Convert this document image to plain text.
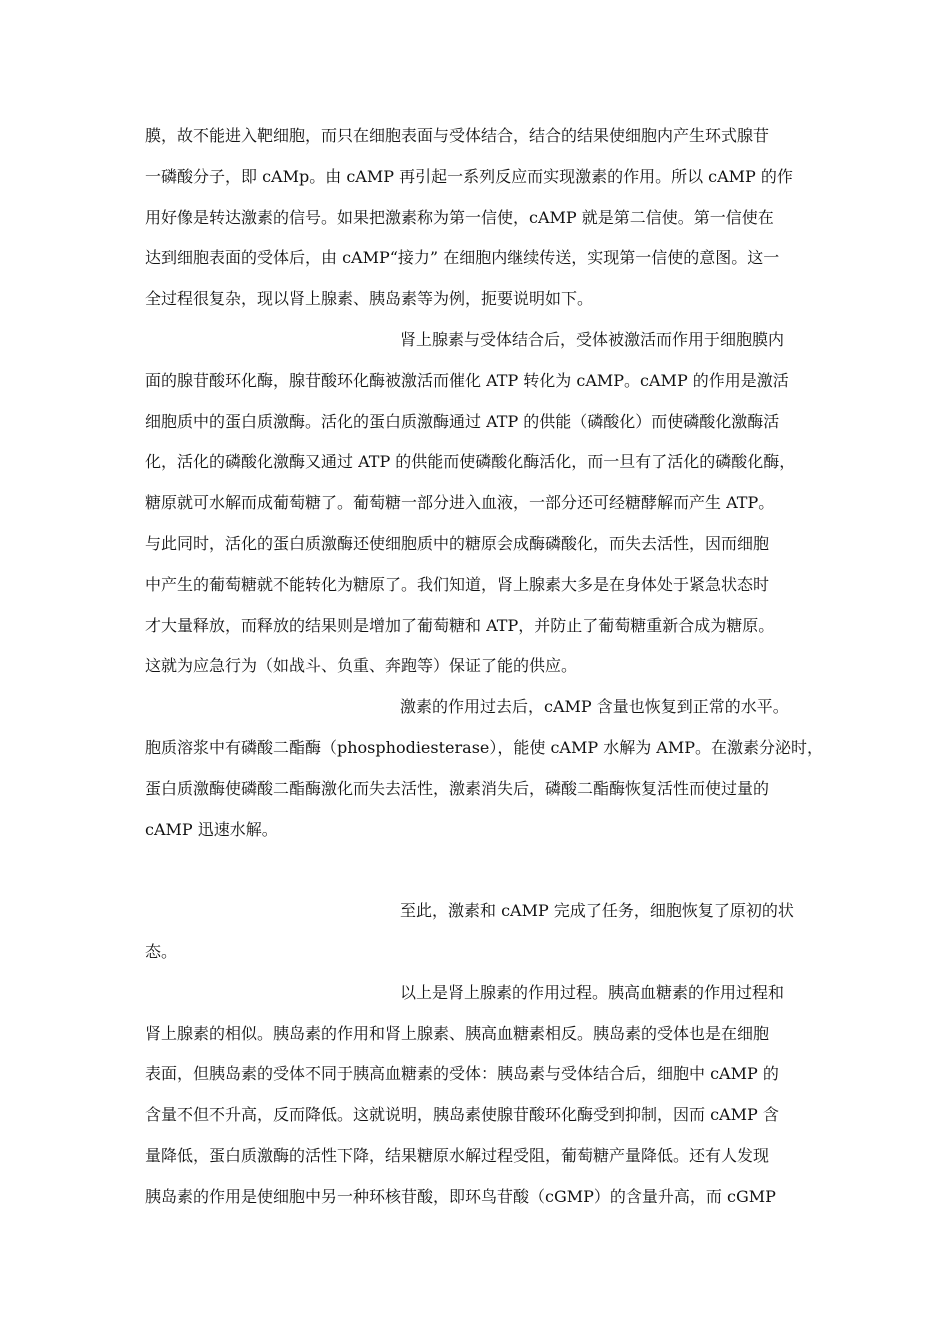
膜，故不能进入靶细胞，而只在细胞表面与受体结合，结合的结果使细胞内产生环式腺苷
一磷酸分子，即 cAMp。由 cAMP 再引起一系列反应而实现激素的作用。所以 cAMP 的作
用好像是转达激素的信号。如果把激素称为第一信使，cAMP 就是第二信使。第一信使在
达到细胞表面的受体后，由 cAMP“接力” 在细胞内继续传送，实现第一信使的意图。这一
全过程很复杂，现以肾上腺素、胰岛素等为例，扼要说明如下。
肾上腺素与受体结合后，受体被激活而作用于细胞膜内
面的腺苷酸环化酶，腺苷酸环化酶被激活而催化 ATP 转化为 cAMP。cAMP 的作用是激活
细胞质中的蛋白质激酶。活化的蛋白质激酶通过 ATP 的供能（磷酸化）而使磷酸化激酶活
化，活化的磷酸化激酶又通过 ATP 的供能而使磷酸化酶活化，而一旦有了活化的磷酸化酶，
糖原就可水解而成葡萄糖了。葡萄糖一部分进入血液，一部分还可经糖酵解而产生 ATP。
与此同时，活化的蛋白质激酶还使细胞质中的糖原会成酶磷酸化，而失去活性，因而细胞
中产生的葡萄糖就不能转化为糖原了。我们知道，肾上腺素大多是在身体处于紧急状态时
才大量释放，而释放的结果则是增加了葡萄糖和 ATP，并防止了葡萄糖重新合成为糖原。
这就为应急行为（如战斗、负重、奔跑等）保证了能的供应。
激素的作用过去后，cAMP 含量也恢复到正常的水平。
胞质溶浆中有磷酸二酯酶（phosphodiesterase），能使 cAMP 水解为 AMP。在激素分泌时，
蛋白质激酶使磷酸二酯酶激化而失去活性，激素消失后，磷酸二酯酶恢复活性而使过量的
cAMP 迅速水解。
至此，激素和 cAMP 完成了任务，细胞恢复了原初的状
态。
以上是肾上腺素的作用过程。胰高血糖素的作用过程和
肾上腺素的相似。胰岛素的作用和肾上腺素、胰高血糖素相反。胰岛素的受体也是在细胞
表面，但胰岛素的受体不同于胰高血糖素的受体：胰岛素与受体结合后，细胞中 cAMP 的
含量不但不升高，反而降低。这就说明，胰岛素使腺苷酸环化酶受到抑制，因而 cAMP 含
量降低，蛋白质激酶的活性下降，结果糖原水解过程受阻，葡萄糖产量降低。还有人发现
胰岛素的作用是使细胞中另一种环核苷酸，即环鸟苷酸（cGMP）的含量升高，而 cGMP
